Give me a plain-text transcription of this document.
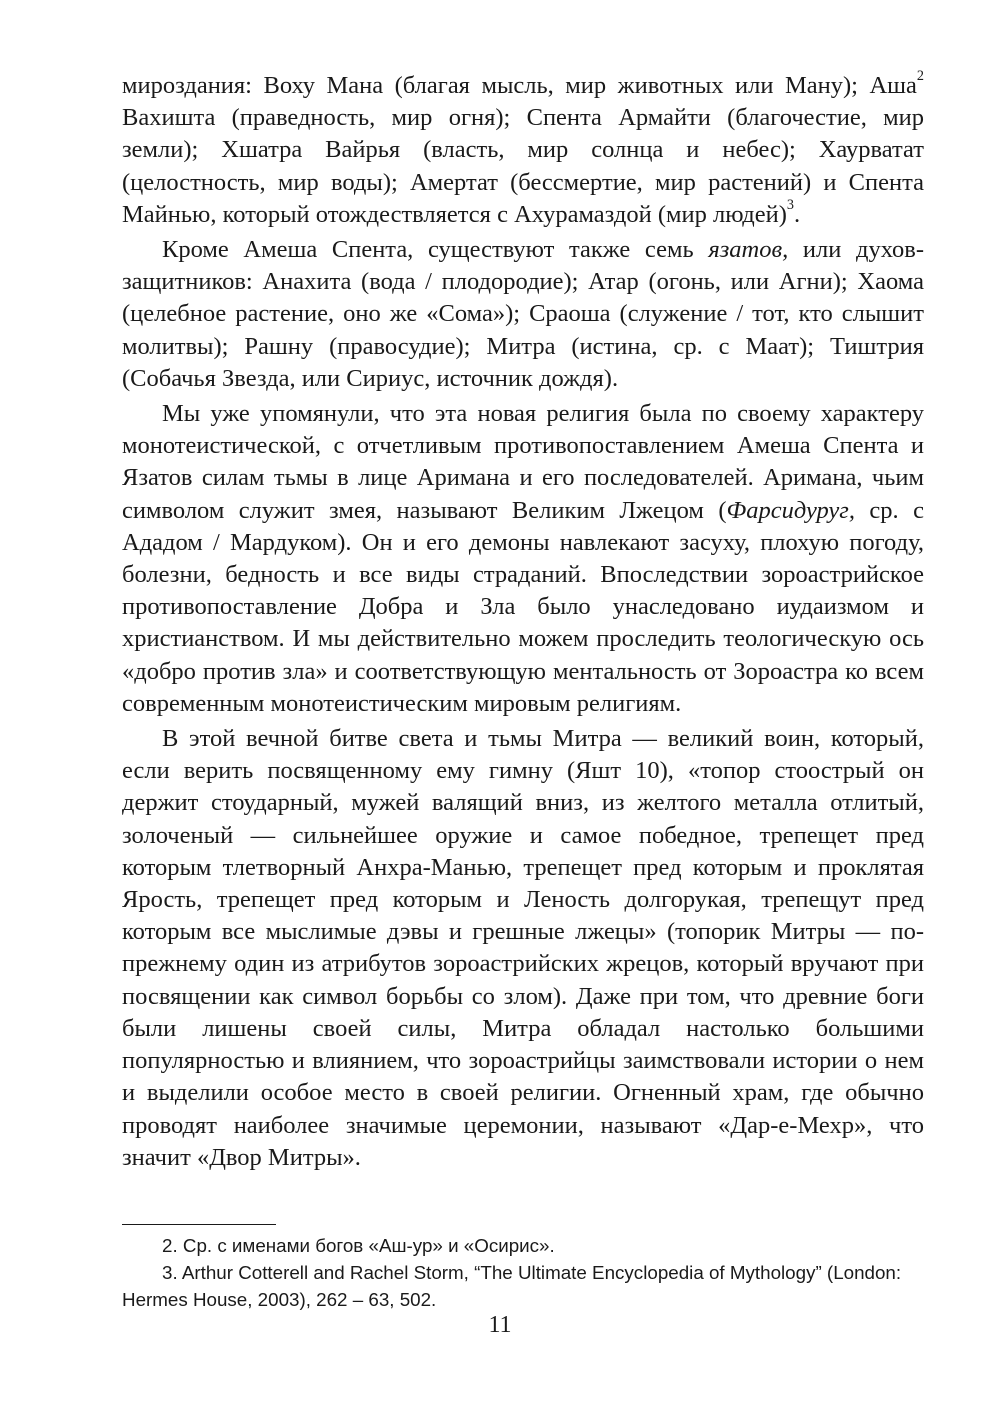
мироздания: Воху Мана (благая мысль, мир животных или Ману); Аша$^2$ Вахишта (праведность, мир огня); Спента Армайти (благочестие, мир земли); Хшатра Вайрья (власть, мир солнца и небес); Хаурватат (целостность, мир воды); Амертат (бессмертие, мир растений) и Спента Майнью, который отождествляется с Ахурамаздой (мир людей)$^3$.

Кроме Амеша Спента, существуют также семь язатов, или духов-защитников: Анахита (вода / плодородие); Атар (огонь, или Агни); Хаома (целебное растение, оно же «Сома»); Сраоша (служение / тот, кто слышит молитвы); Рашну (правосудие); Митра (истина, ср. с Маат); Тиштрия (Собачья Звезда, или Сириус, источник дождя).

Мы уже упомянули, что эта новая религия была по своему характеру монотеистической, с отчетливым противопоставлением Амеша Спента и Язатов силам тьмы в лице Аримана и его последователей. Аримана, чьим символом служит змея, называют Великим Лжецом (Фарсидуруг, ср. с Ададом / Мардуком). Он и его демоны навлекают засуху, плохую погоду, болезни, бедность и все виды страданий. Впоследствии зороастрийское противопоставление Добра и Зла было унаследовано иудаизмом и христианством. И мы действительно можем проследить теологическую ось «добро против зла» и соответствующую ментальность от Зороастра ко всем современным монотеистическим мировым религиям.

В этой вечной битве света и тьмы Митра — великий воин, который, если верить посвященному ему гимну (Яшт 10), «топор стоострый он держит стоударный, мужей валящий вниз, из желтого металла отлитый, золоченый — сильнейшее оружие и самое победное, трепещет пред которым тлетворный Анхра-Манью, трепещет пред которым и проклятая Ярость, трепещет пред которым и Леность долгорукая, трепещут пред которым все мыслимые дэвы и грешные лжецы» (топорик Митры — по-прежнему один из атрибутов зороастрийских жрецов, который вручают при посвящении как символ борьбы со злом). Даже при том, что древние боги были лишены своей силы, Митра обладал настолько большими популярностью и влиянием, что зороастрийцы заимствовали истории о нем и выделили особое место в своей религии. Огненный храм, где обычно проводят наиболее значимые церемонии, называют «Дар-е-Мехр», что значит «Двор Митры».

2. Ср. с именами богов «Аш-ур» и «Осирис».

3. Arthur Cotterell and Rachel Storm, “The Ultimate Encyclopedia of Mythology” (London: Hermes House, 2003), 262 – 63, 502.

11
